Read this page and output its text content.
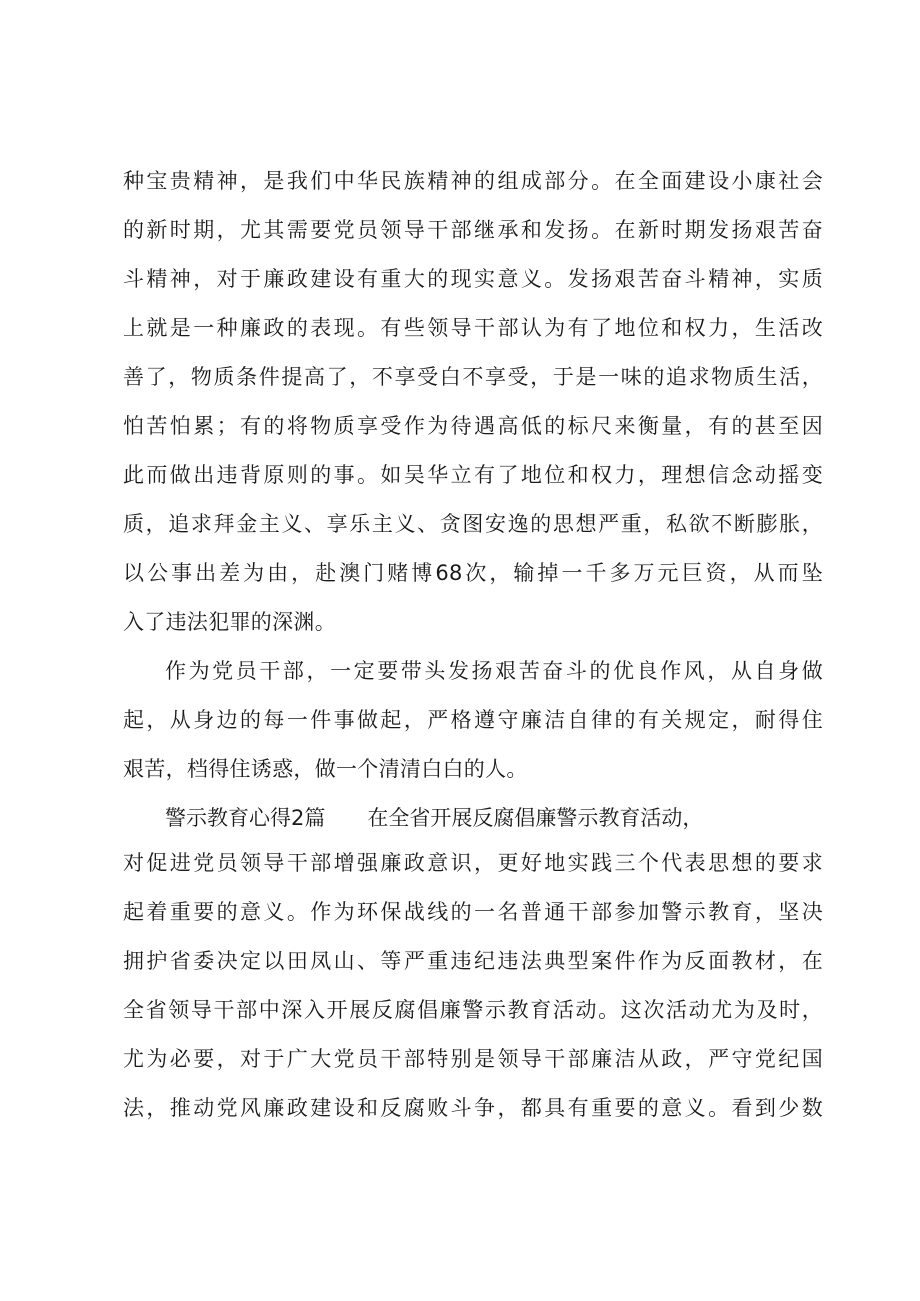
种宝贵精神，是我们中华民族精神的组成部分。在全面建设小康社会
的新时期，尤其需要党员领导干部继承和发扬。在新时期发扬艰苦奋
斗精神，对于廉政建设有重大的现实意义。发扬艰苦奋斗精神，实质
上就是一种廉政的表现。有些领导干部认为有了地位和权力，生活改
善了，物质条件提高了，不享受白不享受，于是一味的追求物质生活，
怕苦怕累；有的将物质享受作为待遇高低的标尺来衡量，有的甚至因
此而做出违背原则的事。如吴华立有了地位和权力，理想信念动摇变
质，追求拜金主义、享乐主义、贪图安逸的思想严重，私欲不断膨胀，
以公事出差为由，赴澳门赌博68次，输掉一千多万元巨资，从而坠
入了违法犯罪的深渊。
作为党员干部，一定要带头发扬艰苦奋斗的优良作风，从自身做
起，从身边的每一件事做起，严格遵守廉洁自律的有关规定，耐得住
艰苦，档得住诱惑，做一个清清白白的人。
警示教育心得2篇 在全省开展反腐倡廉警示教育活动，
对促进党员领导干部增强廉政意识，更好地实践三个代表思想的要求
起着重要的意义。作为环保战线的一名普通干部参加警示教育，坚决
拥护省委决定以田凤山、等严重违纪违法典型案件作为反面教材，在
全省领导干部中深入开展反腐倡廉警示教育活动。这次活动尤为及时，
尤为必要，对于广大党员干部特别是领导干部廉洁从政，严守党纪国
法，推动党风廉政建设和反腐败斗争，都具有重要的意义。看到少数
